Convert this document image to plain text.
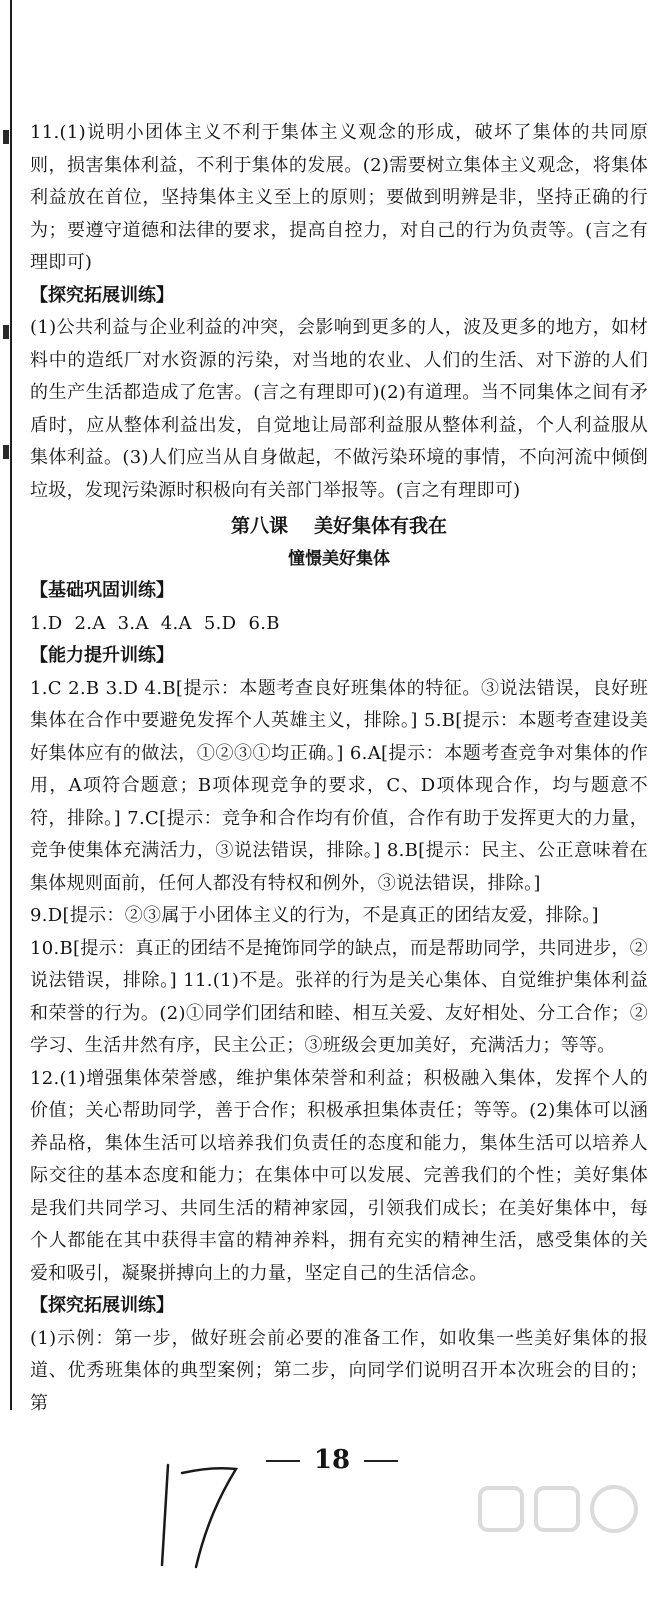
11.(1)说明小团体主义不利于集体主义观念的形成，破坏了集体的共同原则，损害集体利益，不利于集体的发展。(2)需要树立集体主义观念，将集体利益放在首位，坚持集体主义至上的原则；要做到明辨是非，坚持正确的行为；要遵守道德和法律的要求，提高自控力，对自己的行为负责等。(言之有理即可)

【探究拓展训练】

(1)公共利益与企业利益的冲突，会影响到更多的人，波及更多的地方，如材料中的造纸厂对水资源的污染，对当地的农业、人们的生活、对下游的人们的生产生活都造成了危害。(言之有理即可)(2)有道理。当不同集体之间有矛盾时，应从整体利益出发，自觉地让局部利益服从整体利益，个人利益服从集体利益。(3)人们应当从自身做起，不做污染环境的事情，不向河流中倾倒垃圾，发现污染源时积极向有关部门举报等。(言之有理即可)

第八课 美好集体有我在

憧憬美好集体

【基础巩固训练】

1.D  2.A  3.A  4.A  5.D  6.B

【能力提升训练】

1.C 2.B 3.D 4.B[提示：本题考查良好班集体的特征。③说法错误，良好班集体在合作中要避免发挥个人英雄主义，排除。] 5.B[提示：本题考查建设美好集体应有的做法，①②③①均正确。] 6.A[提示：本题考查竞争对集体的作用，A项符合题意；B项体现竞争的要求，C、D项体现合作，均与题意不符，排除。] 7.C[提示：竞争和合作均有价值，合作有助于发挥更大的力量，竞争使集体充满活力，③说法错误，排除。] 8.B[提示：民主、公正意味着在集体规则面前，任何人都没有特权和例外，③说法错误，排除。]

9.D[提示：②③属于小团体主义的行为，不是真正的团结友爱，排除。]

10.B[提示：真正的团结不是掩饰同学的缺点，而是帮助同学，共同进步，②说法错误，排除。] 11.(1)不是。张祥的行为是关心集体、自觉维护集体利益和荣誉的行为。(2)①同学们团结和睦、相互关爱、友好相处、分工合作；②学习、生活井然有序，民主公正；③班级会更加美好，充满活力；等等。

12.(1)增强集体荣誉感，维护集体荣誉和利益；积极融入集体，发挥个人的价值；关心帮助同学，善于合作；积极承担集体责任；等等。(2)集体可以涵养品格，集体生活可以培养我们负责任的态度和能力，集体生活可以培养人际交往的基本态度和能力；在集体中可以发展、完善我们的个性；美好集体是我们共同学习、共同生活的精神家园，引领我们成长；在美好集体中，每个人都能在其中获得丰富的精神养料，拥有充实的精神生活，感受集体的关爱和吸引，凝聚拼搏向上的力量，坚定自己的生活信念。

【探究拓展训练】

(1)示例：第一步，做好班会前必要的准备工作，如收集一些美好集体的报道、优秀班集体的典型案例；第二步，向同学们说明召开本次班会的目的；第

18
